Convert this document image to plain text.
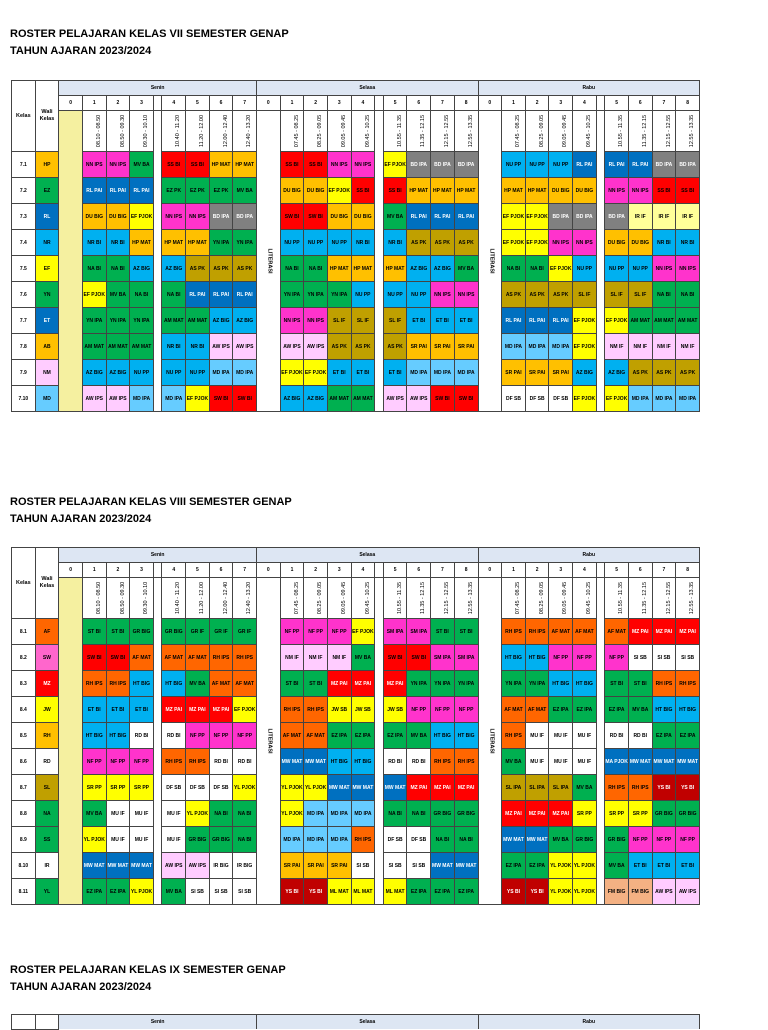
ROSTER PELAJARAN KELAS VII SEMESTER GENAP
TAHUN AJARAN 2023/2024
Kelas	Wali Kelas	Senin									Selasa										Rabu									
		0	1	2	3		4	5	6	7	0	1	2	3	4		5	6	7	8	0	1	2	3	4		5	6	7	8
	08.10 - 08.50	08.50 - 09.30	09.30 - 10.10		10.40 - 11.20	11.20 - 12.00	12.00 - 12.40	12.40 - 13.20	LITERASI	07.45 - 08.25	08.25 - 09.05	09.05 - 09.45	09.45 - 10.25		10.55 - 11.35	11.35 - 12.15	12.15 - 12.55	12.55 - 13.35	LITERASI	07.45 - 08.25	08.25 - 09.05	09.05 - 09.45	09.45 - 10.25		10.55 - 11.35	11.35 - 12.15	12.15 - 12.55	12.55 - 13.35
7.1	HP		NN IPS	NN IPS	MV BA		SS BI	SS BI	HP MAT	HP MAT		SS BI	SS BI	NN IPS	NN IPS		EF PJOK	BD IPA	BD IPA	BD IPA		NU PP	NU PP	NU PP	RL PAI		RL PAI	RL PAI	BD IPA	BD IPA
7.2	EZ		RL PAI	RL PAI	RL PAI		EZ PK	EZ PK	EZ PK	MV BA		DU BIG	DU BIG	EF PJOK	SS BI		SS BI	HP MAT	HP MAT	HP MAT		HP MAT	HP MAT	DU BIG	DU BIG		NN IPS	NN IPS	SS BI	SS BI
7.3	RL		DU BIG	DU BIG	EF PJOK		NN IPS	NN IPS	BD IPA	BD IPA		SW BI	SW BI	DU BIG	DU BIG		MV BA	RL PAI	RL PAI	RL PAI		EF PJOK	EF PJOK	BD IPA	BD IPA		BD IPA	IR IF	IR IF	IR IF
7.4	NR		NR BI	NR BI	HP MAT		HP MAT	HP MAT	YN IPA	YN IPA		NU PP	NU PP	NU PP	NR BI		NR BI	AS PK	AS PK	AS PK		EF PJOK	EF PJOK	NN IPS	NN IPS		DU BIG	DU BIG	NR BI	NR BI
7.5	EF		NA BI	NA BI	AZ BIG		AZ BIG	AS PK	AS PK	AS PK		NA BI	NA BI	HP MAT	HP MAT		HP MAT	AZ BIG	AZ BIG	MV BA		NA BI	NA BI	EF PJOK	NU PP		NU PP	NU PP	NN IPS	NN IPS
7.6	YN		EF PJOK	MV BA	NA BI		NA BI	RL PAI	RL PAI	RL PAI		YN IPA	YN IPA	YN IPA	NU PP		NU PP	NU PP	NN IPS	NN IPS		AS PK	AS PK	AS PK	SL IF		SL IF	SL IF	NA BI	NA BI
7.7	ET		YN IPA	YN IPA	YN IPA		AM MAT	AM MAT	AZ BIG	AZ BIG		NN IPS	NN IPS	SL IF	SL IF		SL IF	ET BI	ET BI	ET BI		RL PAI	RL PAI	RL PAI	EF PJOK		EF PJOK	AM MAT	AM MAT	AM MAT
7.8	AB		AM MAT	AM MAT	AM MAT		NR BI	NR BI	AW IPS	AW IPS		AW IPS	AW IPS	AS PK	AS PK		AS PK	SR PAI	SR PAI	SR PAI		MD IPA	MD IPA	MD IPA	EF PJOK		NM IF	NM IF	NM IF	NM IF
7.9	NM		AZ BIG	AZ BIG	NU PP		NU PP	NU PP	MD IPA	MD IPA		EF PJOK	EF PJOK	ET BI	ET BI		ET BI	MD IPA	MD IPA	MD IPA		SR PAI	SR PAI	SR PAI	AZ BIG		AZ BIG	AS PK	AS PK	AS PK
7.10	MD		AW IPS	AW IPS	MD IPA		MD IPA	EF PJOK	SW BI	SW BI		AZ BIG	AZ BIG	AM MAT	AM MAT		AW IPS	AW IPS	SW BI	SW BI		DF SB	DF SB	DF SB	EF PJOK		EF PJOK	MD IPA	MD IPA	MD IPA
ROSTER PELAJARAN KELAS VIII SEMESTER GENAP
TAHUN AJARAN 2023/2024
Kelas	Wali Kelas	Senin									Selasa										Rabu									
		0	1	2	3		4	5	6	7	0	1	2	3	4		5	6	7	8	0	1	2	3	4		5	6	7	8
	08.10 - 08.50	08.50 - 09.30	09.30 - 10.10		10.40 - 11.20	11.20 - 12.00	12.00 - 12.40	12.40 - 13.20	LITERASI	07.45 - 08.25	08.25 - 09.05	09.05 - 09.45	09.45 - 10.25		10.55 - 11.35	11.35 - 12.15	12.15 - 12.55	12.55 - 13.35	LITERASI	07.45 - 08.25	08.25 - 09.05	09.05 - 09.45	09.45 - 10.25		10.55 - 11.35	11.35 - 12.15	12.15 - 12.55	12.55 - 13.35
8.1	AF		ST BI	ST BI	GR BIG		GR BIG	GR IF	GR IF	GR IF		NF PP	NF PP	NF PP	EF PJOK		SM IPA	SM IPA	ST BI	ST BI		RH IPS	RH IPS	AF MAT	AF MAT		AF MAT	MZ PAI	MZ PAI	MZ PAI
8.2	SW		SW BI	SW BI	AF MAT		AF MAT	AF MAT	RH IPS	RH IPS		NM IF	NM IF	NM IF	MV BA		SW BI	SW BI	SM IPA	SM IPA		HT BIG	HT BIG	NF PP	NF PP		NF PP	SI SB	SI SB	SI SB
8.3	MZ		RH IPS	RH IPS	HT BIG		HT BIG	MV BA	AF MAT	AF MAT		ST BI	ST BI	MZ PAI	MZ PAI		MZ PAI	YN IPA	YN IPA	YN IPA		YN IPA	YN IPA	HT BIG	HT BIG		ST BI	ST BI	RH IPS	RH IPS
8.4	JW		ET BI	ET BI	ET BI		MZ PAI	MZ PAI	MZ PAI	EF PJOK		RH IPS	RH IPS	JW SB	JW SB		JW SB	NF PP	NF PP	NF PP		AF MAT	AF MAT	EZ IPA	EZ IPA		EZ IPA	MV BA	HT BIG	HT BIG
8.5	RH		HT BIG	HT BIG	RD BI		RD BI	NF PP	NF PP	NF PP		AF MAT	AF MAT	EZ IPA	EZ IPA		EZ IPA	MV BA	HT BIG	HT BIG		RH IPS	MU IF	MU IF	MU IF		RD BI	RD BI	EZ IPA	EZ IPA
8.6	RD		NF PP	NF PP	NF PP		RH IPS	RH IPS	RD BI	RD BI		MW MAT	MW MAT	HT BIG	HT BIG		RD BI	RD BI	RH IPS	RH IPS		MV BA	MU IF	MU IF	MU IF		MA PJOK	MW MAT	MW MAT	MW MAT
8.7	SL		SR PP	SR PP	SR PP		DF SB	DF SB	DF SB	YL PJOK		YL PJOK	YL PJOK	MW MAT	MW MAT		MW MAT	MZ PAI	MZ PAI	MZ PAI		SL IPA	SL IPA	SL IPA	MV BA		RH IPS	RH IPS	YS BI	YS BI
8.8	NA		MV BA	MU IF	MU IF		MU IF	YL PJOK	NA BI	NA BI		YL PJOK	MD IPA	MD IPA	MD IPA		NA BI	NA BI	GR BIG	GR BIG		MZ PAI	MZ PAI	MZ PAI	SR PP		SR PP	SR PP	GR BIG	GR BIG
8.9	SS		YL PJOK	MU IF	MU IF		MU IF	GR BIG	GR BIG	NA BI		MD IPA	MD IPA	MD IPA	RH IPS		DF SB	DF SB	NA BI	NA BI		MW MAT	MW MAT	MV BA	GR BIG		GR BIG	NF PP	NF PP	NF PP
8.10	IR		MW MAT	MW MAT	MW MAT		AW IPS	AW IPS	IR BIG	IR BIG		SR PAI	SR PAI	SR PAI	SI SB		SI SB	SI SB	MW MAT	MW MAT		EZ IPA	EZ IPA	YL PJOK	YL PJOK		MV BA	ET BI	ET BI	ET BI
8.11	YL		EZ IPA	EZ IPA	YL PJOK		MV BA	SI SB	SI SB	SI SB		YS BI	YS BI	ML MAT	ML MAT		ML MAT	EZ IPA	EZ IPA	EZ IPA		YS BI	YS BI	YL PJOK	YL PJOK		FM BIG	FM BIG	AW IPS	AW IPS
ROSTER PELAJARAN KELAS IX SEMESTER GENAP
TAHUN AJARAN 2023/2024
		Senin	Selasa	Rabu
